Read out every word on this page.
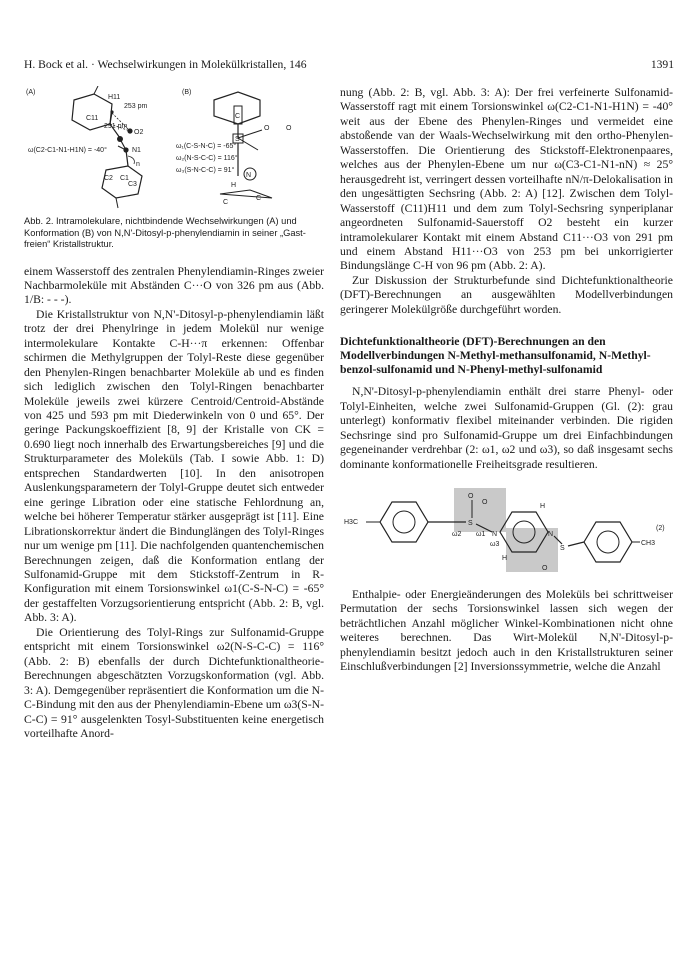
H. Bock et al. · Wechselwirkungen in Molekülkristallen, 146	1391
(A)	(B)
H11
C11
253 pm
291 pm
O2
N1
ω(C2-C1-N1-H1N) = -40°
n
C2 C1
C3
C
O O
S
N
H
C
C
ω₁(C-S-N-C) = -65°
ω₂(N-S-C-C) = 116°
ω₃(S-N-C-C) = 91°
Abb. 2. Intramolekulare, nichtbindende Wechselwirkungen (A) und Konformation (B) von N,N'-Ditosyl-p-phenylendiamin in seiner „Gast-freien“ Kristallstruktur.

einem Wasserstoff des zentralen Phenylendiamin-Ringes zweier Nachbarmoleküle mit Abständen C···O von 326 pm aus (Abb. 1/B: - - -).

Die Kristallstruktur von N,N'-Ditosyl-p-phenylendiamin läßt trotz der drei Phenylringe in jedem Molekül nur wenige intermolekulare Kontakte C-H···π erkennen: Offenbar schirmen die Methylgruppen der Tolyl-Reste diese gegenüber den Phenylen-Ringen benachbarter Moleküle ab und es finden sich lediglich zwischen den Tolyl-Ringen benachbarter Moleküle jeweils zwei kürzere Centroid/Centroid-Abstände von 425 und 593 pm mit Diederwinkeln von 0 und 65°. Der geringe Packungskoeffizient [8, 9] der Kristalle von CK = 0.690 liegt noch innerhalb des Erwartungsbereiches [9] und die Strukturparameter des Moleküls (Tab. I sowie Abb. 1: D) entsprechen Standardwerten [10]. In den anisotropen Auslenkungsparametern der Tolyl-Gruppe deutet sich entweder eine geringe Libration oder eine statische Fehlordnung an, welche bei höherer Temperatur stärker ausgeprägt ist [11]. Eine Librationskorrektur ändert die Bindunglängen des Tolyl-Ringes nur um wenige pm [11]. Die nachfolgenden quantenchemischen Berechnungen zeigen, daß die Konformation entlang der Sulfonamid-Gruppe mit dem Stickstoff-Zentrum in R-Konfiguration mit einem Torsionswinkel ω1(C-S-N-C) = -65° der gestaffelten Vorzugsorientierung entspricht (Abb. 2: B, vgl. Abb. 3: A).

Die Orientierung des Tolyl-Rings zur Sulfonamid-Gruppe entspricht mit einem Torsionswinkel ω2(N-S-C-C) = 116° (Abb. 2: B) ebenfalls der durch Dichtefunktionaltheorie-Berechnungen abgeschätzten Vorzugskonformation (vgl. Abb. 3: A). Demgegenüber repräsentiert die Konformation um die N-C-Bindung mit den aus der Phenylendiamin-Ebene um ω3(S-N-C-C) = 91° ausgelenkten Tosyl-Substituenten keine energetisch vorteilhafte Anord-

nung (Abb. 2: B, vgl. Abb. 3: A): Der frei verfeinerte Sulfonamid-Wasserstoff ragt mit einem Torsionswinkel ω(C2-C1-N1-H1N) = -40° weit aus der Ebene des Phenylen-Ringes und vermeidet eine abstoßende van der Waals-Wechselwirkung mit den ortho-Phenylen-Wasserstoffen. Die Orientierung des Stickstoff-Elektronenpaares, welches aus der Phenylen-Ebene um nur ω(C3-C1-N1-nN) ≈ 25° herausgedreht ist, verringert dessen vorteilhafte nN/π-Delokalisation in den ungesättigten Sechsring (Abb. 2: A) [12]. Zwischen dem Tolyl-Wasserstoff (C11)H11 und dem zum Tolyl-Sechsring synperiplanar angeordneten Sulfonamid-Sauerstoff O2 besteht ein kurzer intramolekularer Kontakt mit einem Abstand C11···O3 von 291 pm und einem Abstand H11···O3 von 253 pm bei unkorrigierter Bindungslänge C-H von 96 pm (Abb. 2: A).

Zur Diskussion der Strukturbefunde sind Dichtefunktionaltheorie (DFT)-Berechnungen an ausgewählten Modellverbindungen geringerer Molekülgröße durchgeführt worden.

Dichtefunktionaltheorie (DFT)-Berechnungen an den Modellverbindungen N-Methyl-methansulfonamid, N-Methyl-benzol-sulfonamid und N-Phenyl-methyl-sulfonamid

N,N'-Ditosyl-p-phenylendiamin enthält drei starre Phenyl- oder Tolyl-Einheiten, welche zwei Sulfonamid-Gruppen (Gl. (2): grau unterlegt) konformativ flexibel miteinander verbinden. Die rigiden Sechsringe sind pro Sulfonamid-Gruppe um drei Einfachbindungen gegeneinander verdrehbar (2: ω1, ω2 und ω3), so daß insgesamt sechs dominante konformationelle Freiheitsgrade resultieren.

H3C	S
O
O
ω2 ω1 N
ω3
H
H
N
S
O
CH3
(2)

Enthalpie- oder Energieänderungen des Moleküls bei schrittweiser Permutation der sechs Torsionswinkel lassen sich wegen der beträchtlichen Anzahl möglicher Winkel-Kombinationen nicht ohne weiteres berechnen. Das Wirt-Molekül N,N'-Ditosyl-p-phenylendiamin besitzt jedoch auch in den Kristallstrukturen seiner Einschlußverbindungen [2] Inversionssymmetrie, welche die Anzahl
